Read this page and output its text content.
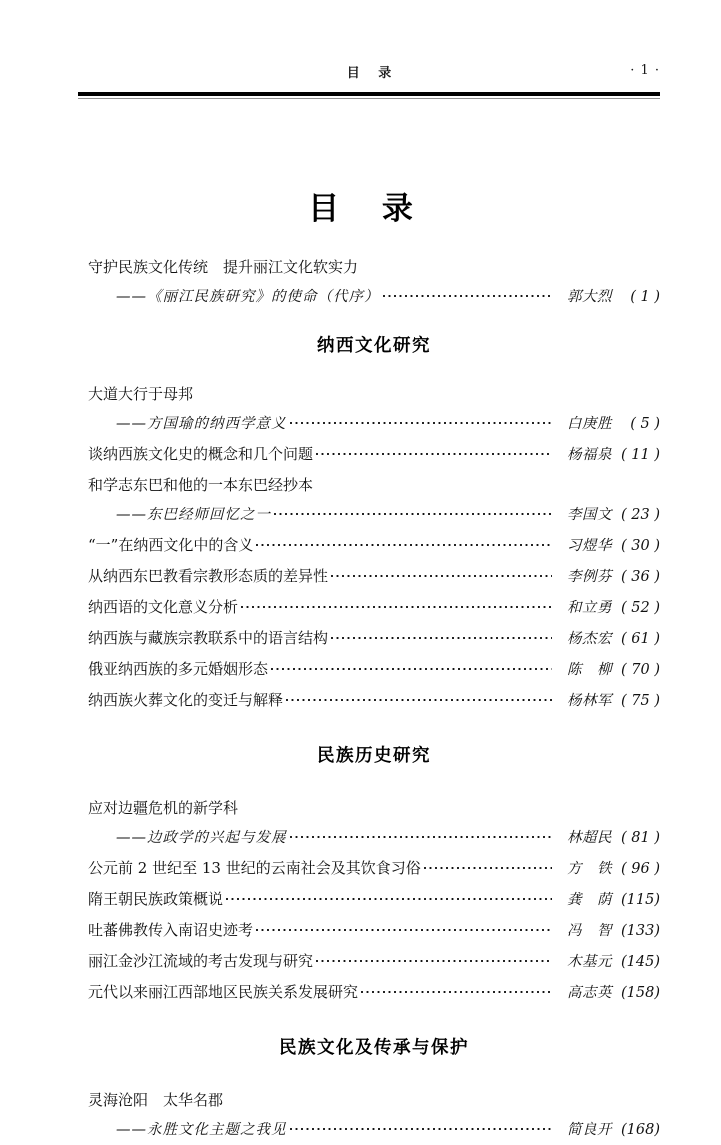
目 录	· 1 ·
目 录
守护民族文化传统　提升丽江文化软实力
——《丽江民族研究》的使命（代序）	郭大烈	( 1 )
纳西文化研究
大道大行于母邦
——方国瑜的纳西学意义	白庚胜	( 5 )
谈纳西族文化史的概念和几个问题	杨福泉 ( 11 )
和学志东巴和他的一本东巴经抄本
——东巴经师回忆之一	李国文 ( 23 )
“一”在纳西文化中的含义	习煜华 ( 30 )
从纳西东巴教看宗教形态质的差异性	李例芬 ( 36 )
纳西语的文化意义分析	和立勇 ( 52 )
纳西族与藏族宗教联系中的语言结构	杨杰宏 ( 61 )
俄亚纳西族的多元婚姻形态	陈　柳 ( 70 )
纳西族火葬文化的变迁与解释	杨林军 ( 75 )
民族历史研究
应对边疆危机的新学科
——边政学的兴起与发展	林超民 ( 81 )
公元前 2 世纪至 13 世纪的云南社会及其饮食习俗	方　铁 ( 96 )
隋王朝民族政策概说	龚　荫 (115)
吐蕃佛教传入南诏史迹考	冯　智 (133)
丽江金沙江流域的考古发现与研究	木基元 (145)
元代以来丽江西部地区民族关系发展研究	高志英 (158)
民族文化及传承与保护
灵海沧阳　太华名郡
——永胜文化主题之我见	简良开 (168)
